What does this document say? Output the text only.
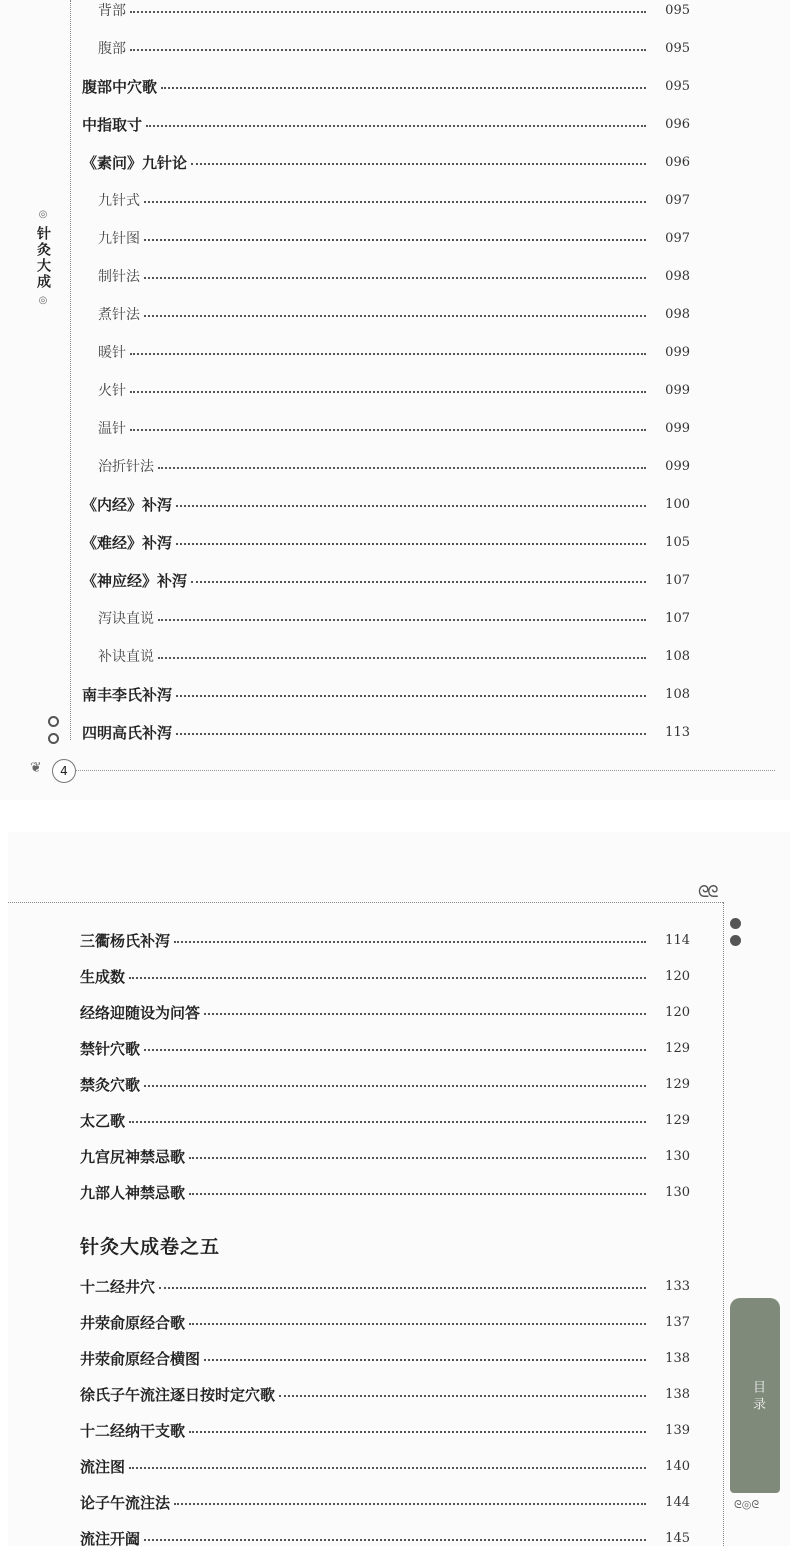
◎
针灸大成
◎
❦	4
背部	095
腹部	095
腹部中穴歌	095
中指取寸	096
《素问》九针论	096
九针式	097
九针图	097
制针法	098
煮针法	098
暖针	099
火针	099
温针	099
治折针法	099
《内经》补泻	100
《难经》补泻	105
《神应经》补泻	107
泻诀直说	107
补诀直说	108
南丰李氏补泻	108
四明高氏补泻	113
ᘓᘓ
三衢杨氏补泻	114
生成数	120
经络迎随设为问答	120
禁针穴歌	129
禁灸穴歌	129
太乙歌	129
九宫尻神禁忌歌	130
九部人神禁忌歌	130
针灸大成卷之五
十二经井穴	133
井荥俞原经合歌	137
井荥俞原经合横图	138
徐氏子午流注逐日按时定穴歌	138
十二经纳干支歌	139
流注图	140
论子午流注法	144
流注开阖	145
目录
ᘓ◎ᘓ
